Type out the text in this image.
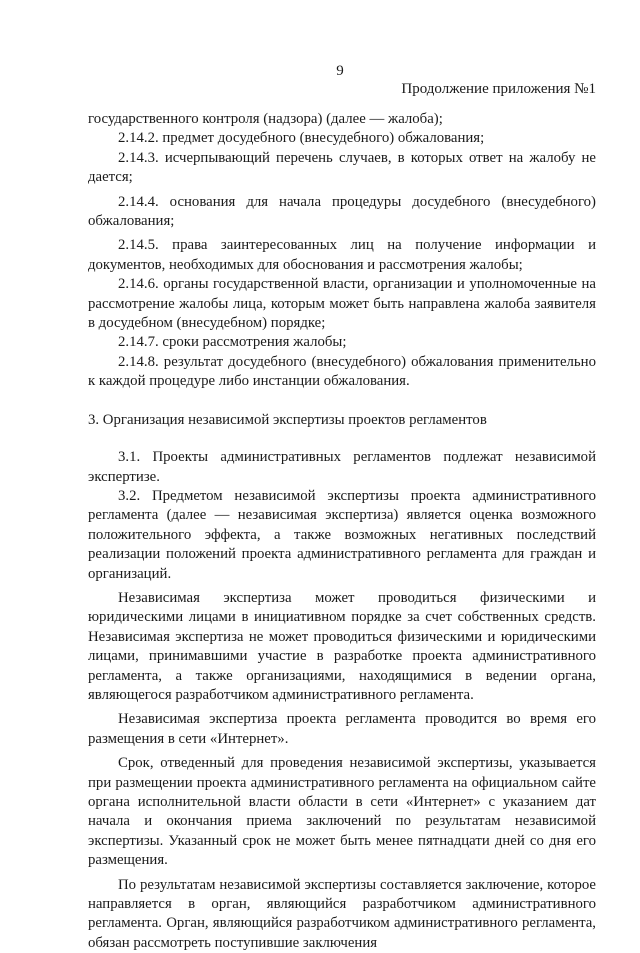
9
Продолжение приложения №1

государственного контроля (надзора) (далее — жалоба);

2.14.2. предмет досудебного (внесудебного) обжалования;

2.14.3. исчерпывающий перечень случаев, в которых ответ на жалобу не дается;

2.14.4. основания для начала процедуры досудебного (внесудебного) обжалования;

2.14.5. права заинтересованных лиц на получение информации и документов, необходимых для обоснования и рассмотрения жалобы;

2.14.6. органы государственной власти, организации и уполномоченные на рассмотрение жалобы лица, которым может быть направлена жалоба заявителя в досудебном (внесудебном) порядке;

2.14.7. сроки рассмотрения жалобы;

2.14.8. результат досудебного (внесудебного) обжалования применительно к каждой процедуре либо инстанции обжалования.

3. Организация независимой экспертизы проектов регламентов

3.1. Проекты административных регламентов подлежат независимой экспертизе.

3.2. Предметом независимой экспертизы проекта административного регламента (далее — независимая экспертиза) является оценка возможного положительного эффекта, а также возможных негативных последствий реализации положений проекта административного регламента для граждан и организаций.

Независимая экспертиза может проводиться физическими и юридическими лицами в инициативном порядке за счет собственных средств. Независимая экспертиза не может проводиться физическими и юридическими лицами, принимавшими участие в разработке проекта административного регламента, а также организациями, находящимися в ведении органа, являющегося разработчиком административного регламента.

Независимая экспертиза проекта регламента проводится во время его размещения в сети «Интернет».

Срок, отведенный для проведения независимой экспертизы, указывается при размещении проекта административного регламента на официальном сайте органа исполнительной власти области в сети «Интернет» с указанием дат начала и окончания приема заключений по результатам независимой экспертизы. Указанный срок не может быть менее пятнадцати дней со дня его размещения.

По результатам независимой экспертизы составляется заключение, которое направляется в орган, являющийся разработчиком административного регламента. Орган, являющийся разработчиком административного регламента, обязан рассмотреть поступившие заключения
